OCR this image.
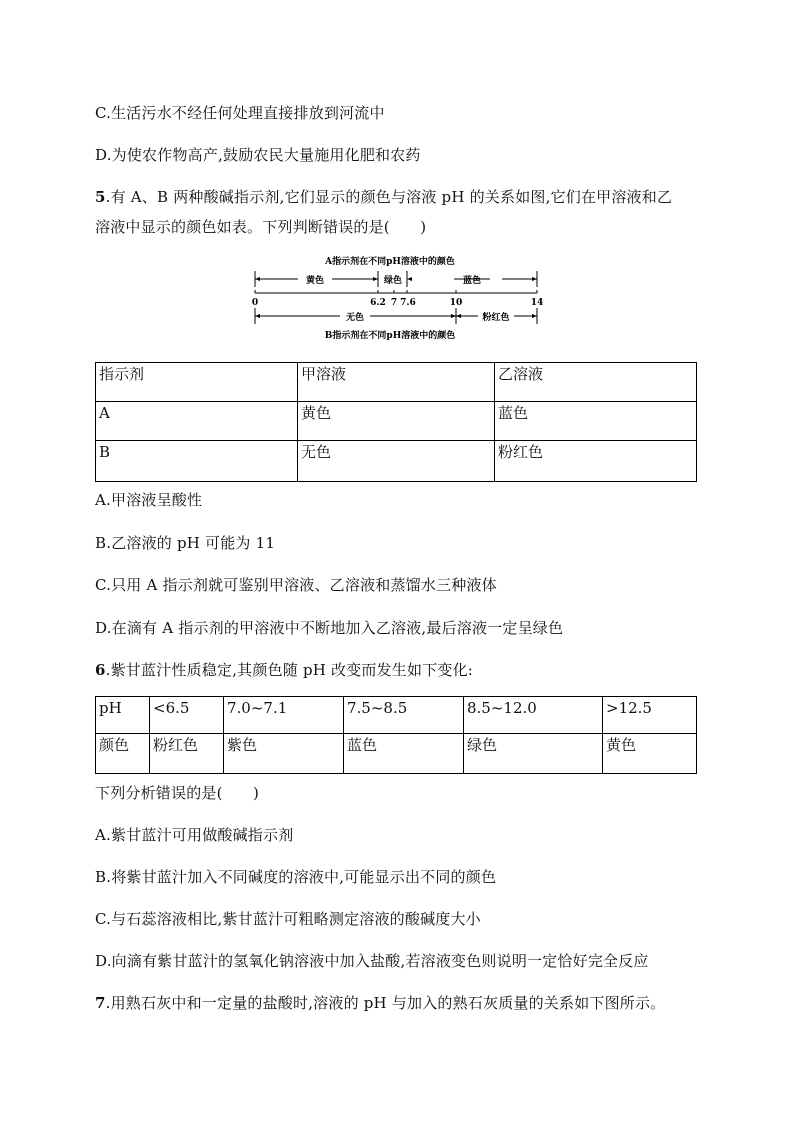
C.生活污水不经任何处理直接排放到河流中
D.为使农作物高产,鼓励农民大量施用化肥和农药
5.有 A、B 两种酸碱指示剂,它们显示的颜色与溶液 pH 的关系如图,它们在甲溶液和乙
溶液中显示的颜色如表。下列判断错误的是(　　)
A指示剂在不同pH溶液中的颜色
黄色	绿色	蓝色
0	6.2 7 7.6	10	14
无色	粉红色
B指示剂在不同pH溶液中的颜色
指示剂	甲溶液	乙溶液
A	黄色	蓝色
B	无色	粉红色
A.甲溶液呈酸性
B.乙溶液的 pH 可能为 11
C.只用 A 指示剂就可鉴别甲溶液、乙溶液和蒸馏水三种液体
D.在滴有 A 指示剂的甲溶液中不断地加入乙溶液,最后溶液一定呈绿色
6.紫甘蓝汁性质稳定,其颜色随 pH 改变而发生如下变化:
pH	<6.5	7.0~7.1	7.5~8.5	8.5~12.0	>12.5
颜色	粉红色	紫色	蓝色	绿色	黄色
下列分析错误的是(　　)
A.紫甘蓝汁可用做酸碱指示剂
B.将紫甘蓝汁加入不同碱度的溶液中,可能显示出不同的颜色
C.与石蕊溶液相比,紫甘蓝汁可粗略测定溶液的酸碱度大小
D.向滴有紫甘蓝汁的氢氧化钠溶液中加入盐酸,若溶液变色则说明一定恰好完全反应
7.用熟石灰中和一定量的盐酸时,溶液的 pH 与加入的熟石灰质量的关系如下图所示。
